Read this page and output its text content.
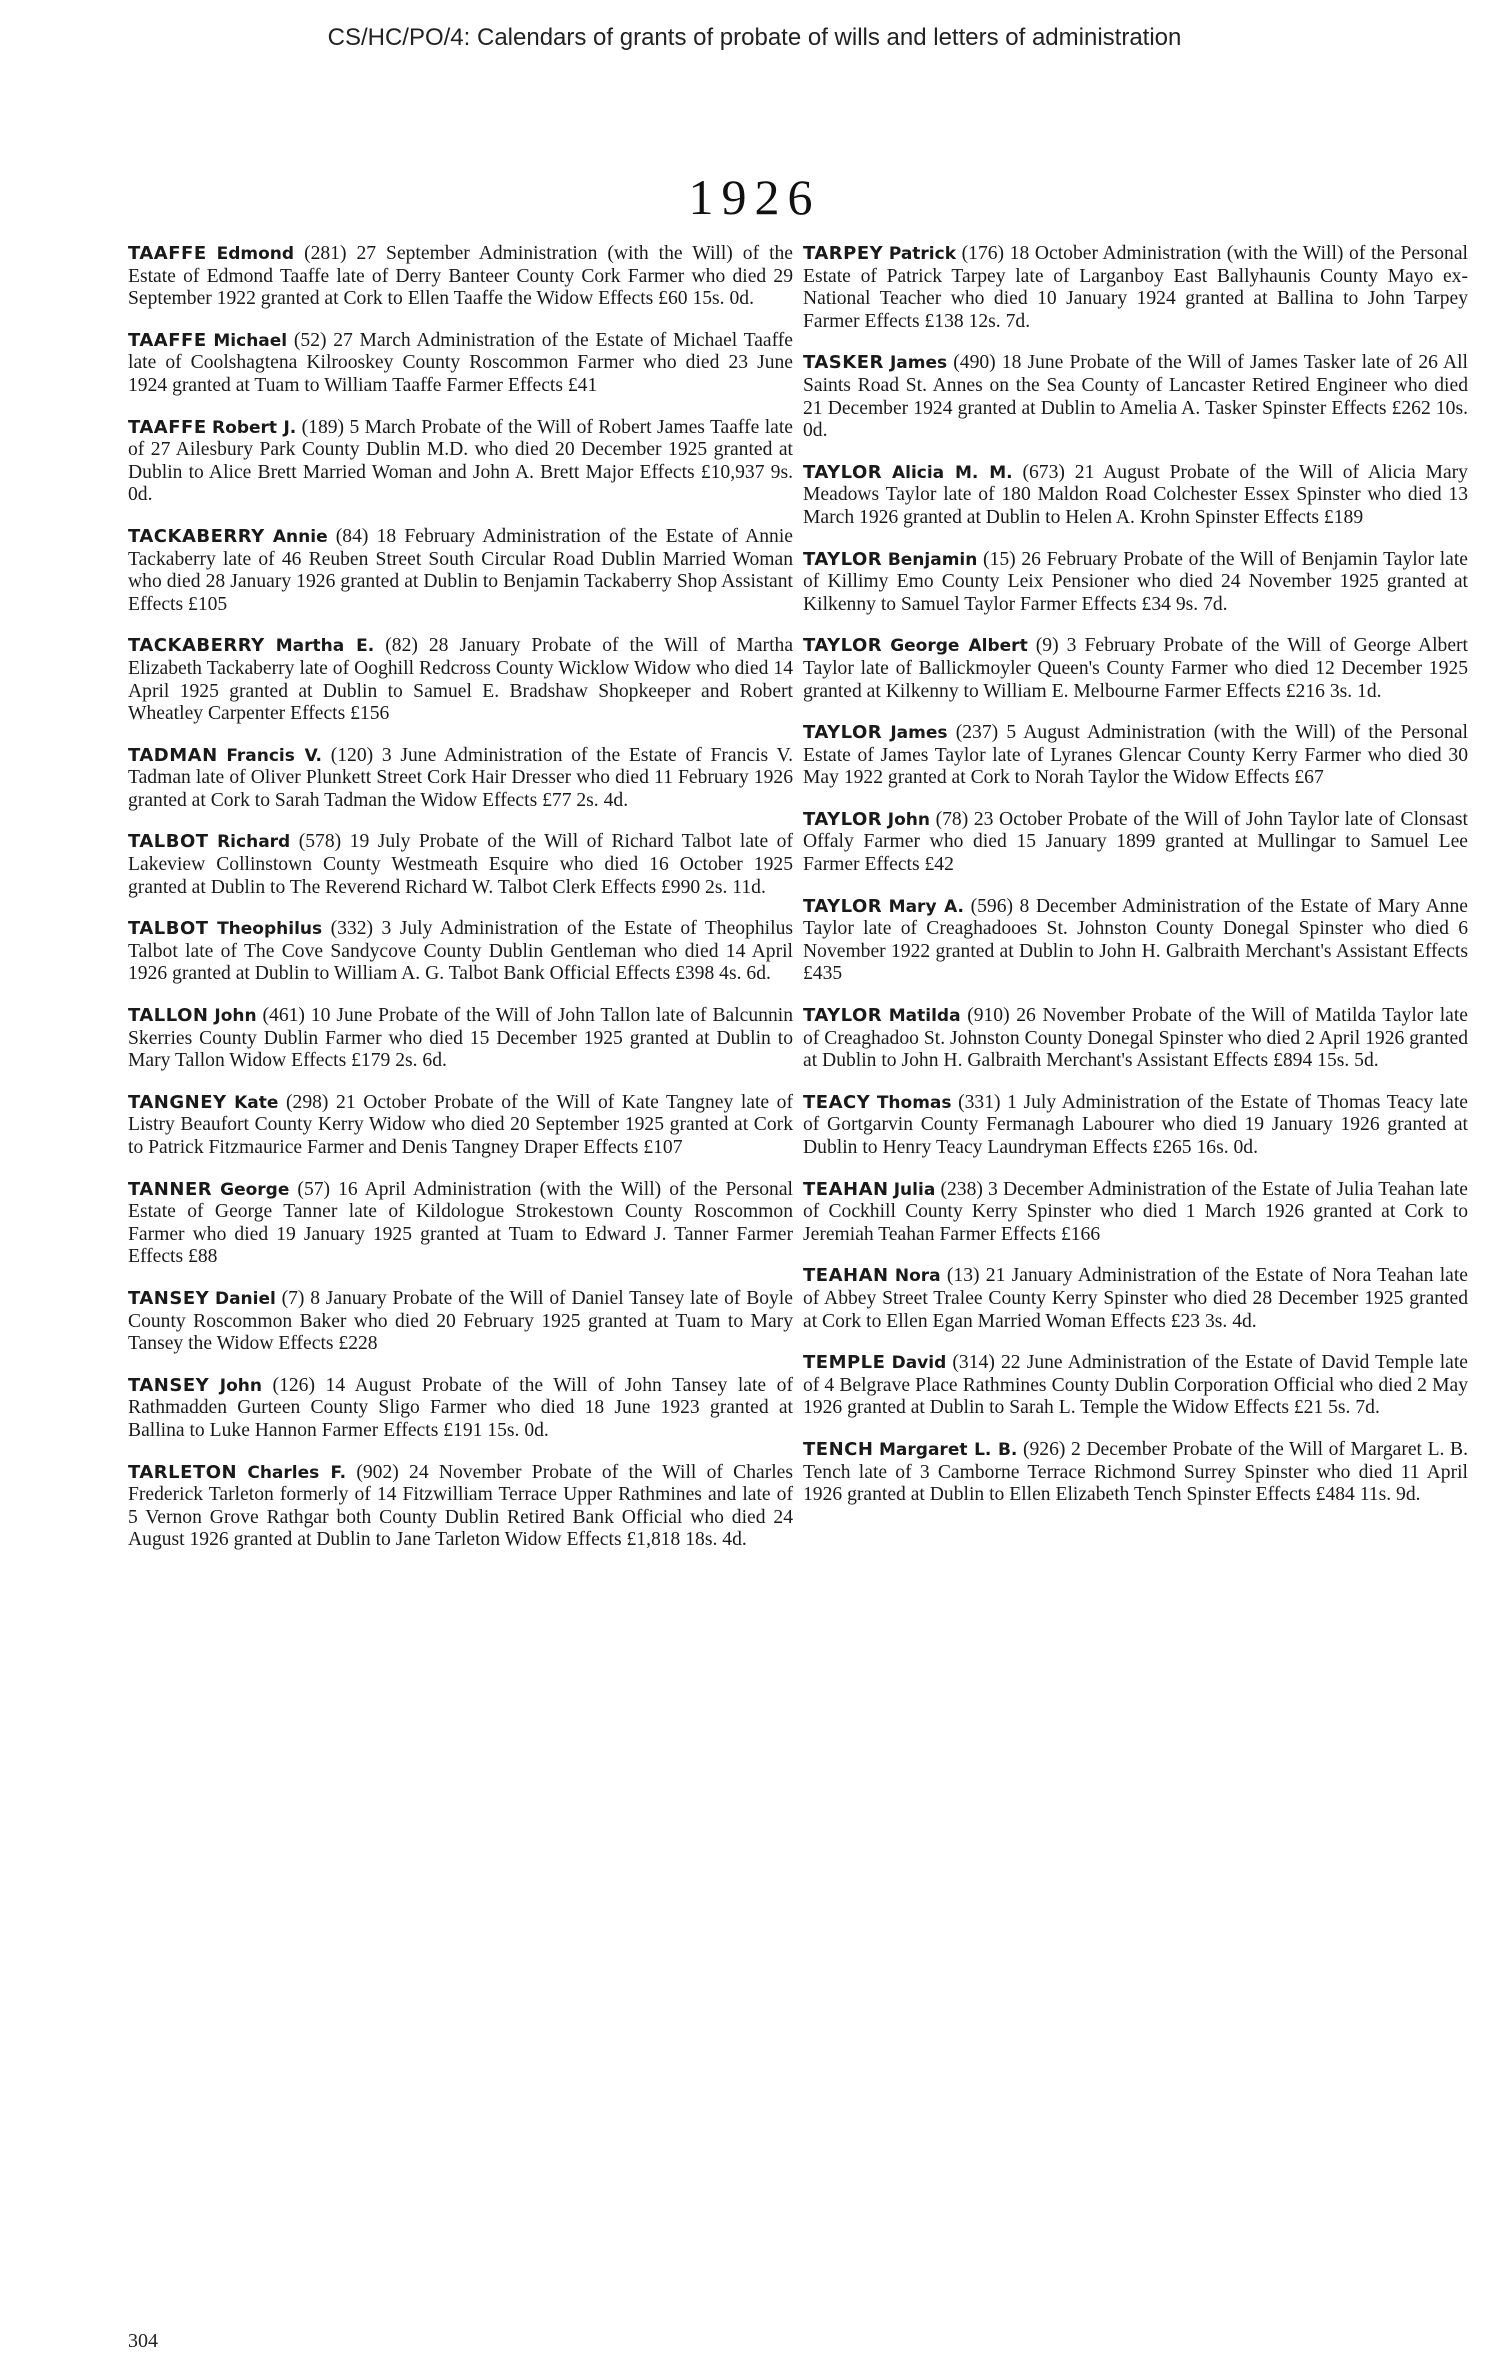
CS/HC/PO/4: Calendars of grants of probate of wills and letters of administration
1926

TAAFFE Edmond (281) 27 September Administration (with the Will) of the Estate of Edmond Taaffe late of Derry Banteer County Cork Farmer who died 29 September 1922 granted at Cork to Ellen Taaffe the Widow Effects £60 15s. 0d.

TAAFFE Michael (52) 27 March Administration of the Estate of Michael Taaffe late of Coolshagtena Kilrooskey County Roscommon Farmer who died 23 June 1924 granted at Tuam to William Taaffe Farmer Effects £41

TAAFFE Robert J. (189) 5 March Probate of the Will of Robert James Taaffe late of 27 Ailesbury Park County Dublin M.D. who died 20 December 1925 granted at Dublin to Alice Brett Married Woman and John A. Brett Major Effects £10,937 9s. 0d.

TACKABERRY Annie (84) 18 February Administration of the Estate of Annie Tackaberry late of 46 Reuben Street South Circular Road Dublin Married Woman who died 28 January 1926 granted at Dublin to Benjamin Tackaberry Shop Assistant Effects £105

TACKABERRY Martha E. (82) 28 January Probate of the Will of Martha Elizabeth Tackaberry late of Ooghill Redcross County Wicklow Widow who died 14 April 1925 granted at Dublin to Samuel E. Bradshaw Shopkeeper and Robert Wheatley Carpenter Effects £156

TADMAN Francis V. (120) 3 June Administration of the Estate of Francis V. Tadman late of Oliver Plunkett Street Cork Hair Dresser who died 11 February 1926 granted at Cork to Sarah Tadman the Widow Effects £77 2s. 4d.

TALBOT Richard (578) 19 July Probate of the Will of Richard Talbot late of Lakeview Collinstown County Westmeath Esquire who died 16 October 1925 granted at Dublin to The Reverend Richard W. Talbot Clerk Effects £990 2s. 11d.

TALBOT Theophilus (332) 3 July Administration of the Estate of Theophilus Talbot late of The Cove Sandycove County Dublin Gentleman who died 14 April 1926 granted at Dublin to William A. G. Talbot Bank Official Effects £398 4s. 6d.

TALLON John (461) 10 June Probate of the Will of John Tallon late of Balcunnin Skerries County Dublin Farmer who died 15 December 1925 granted at Dublin to Mary Tallon Widow Effects £179 2s. 6d.

TANGNEY Kate (298) 21 October Probate of the Will of Kate Tangney late of Listry Beaufort County Kerry Widow who died 20 September 1925 granted at Cork to Patrick Fitzmaurice Farmer and Denis Tangney Draper Effects £107

TANNER George (57) 16 April Administration (with the Will) of the Personal Estate of George Tanner late of Kildologue Strokestown County Roscommon Farmer who died 19 January 1925 granted at Tuam to Edward J. Tanner Farmer Effects £88

TANSEY Daniel (7) 8 January Probate of the Will of Daniel Tansey late of Boyle County Roscommon Baker who died 20 February 1925 granted at Tuam to Mary Tansey the Widow Effects £228

TANSEY John (126) 14 August Probate of the Will of John Tansey late of Rathmadden Gurteen County Sligo Farmer who died 18 June 1923 granted at Ballina to Luke Hannon Farmer Effects £191 15s. 0d.

TARLETON Charles F. (902) 24 November Probate of the Will of Charles Frederick Tarleton formerly of 14 Fitzwilliam Terrace Upper Rathmines and late of 5 Vernon Grove Rathgar both County Dublin Retired Bank Official who died 24 August 1926 granted at Dublin to Jane Tarleton Widow Effects £1,818 18s. 4d.

TARPEY Patrick (176) 18 October Administration (with the Will) of the Personal Estate of Patrick Tarpey late of Larganboy East Ballyhaunis County Mayo ex-National Teacher who died 10 January 1924 granted at Ballina to John Tarpey Farmer Effects £138 12s. 7d.

TASKER James (490) 18 June Probate of the Will of James Tasker late of 26 All Saints Road St. Annes on the Sea County of Lancaster Retired Engineer who died 21 December 1924 granted at Dublin to Amelia A. Tasker Spinster Effects £262 10s. 0d.

TAYLOR Alicia M. M. (673) 21 August Probate of the Will of Alicia Mary Meadows Taylor late of 180 Maldon Road Colchester Essex Spinster who died 13 March 1926 granted at Dublin to Helen A. Krohn Spinster Effects £189

TAYLOR Benjamin (15) 26 February Probate of the Will of Benjamin Taylor late of Killimy Emo County Leix Pensioner who died 24 November 1925 granted at Kilkenny to Samuel Taylor Farmer Effects £34 9s. 7d.

TAYLOR George Albert (9) 3 February Probate of the Will of George Albert Taylor late of Ballickmoyler Queen's County Farmer who died 12 December 1925 granted at Kilkenny to William E. Melbourne Farmer Effects £216 3s. 1d.

TAYLOR James (237) 5 August Administration (with the Will) of the Personal Estate of James Taylor late of Lyranes Glencar County Kerry Farmer who died 30 May 1922 granted at Cork to Norah Taylor the Widow Effects £67

TAYLOR John (78) 23 October Probate of the Will of John Taylor late of Clonsast Offaly Farmer who died 15 January 1899 granted at Mullingar to Samuel Lee Farmer Effects £42

TAYLOR Mary A. (596) 8 December Administration of the Estate of Mary Anne Taylor late of Creaghadooes St. Johnston County Donegal Spinster who died 6 November 1922 granted at Dublin to John H. Galbraith Merchant's Assistant Effects £435

TAYLOR Matilda (910) 26 November Probate of the Will of Matilda Taylor late of Creaghadoo St. Johnston County Donegal Spinster who died 2 April 1926 granted at Dublin to John H. Galbraith Merchant's Assistant Effects £894 15s. 5d.

TEACY Thomas (331) 1 July Administration of the Estate of Thomas Teacy late of Gortgarvin County Fermanagh Labourer who died 19 January 1926 granted at Dublin to Henry Teacy Laundryman Effects £265 16s. 0d.

TEAHAN Julia (238) 3 December Administration of the Estate of Julia Teahan late of Cockhill County Kerry Spinster who died 1 March 1926 granted at Cork to Jeremiah Teahan Farmer Effects £166

TEAHAN Nora (13) 21 January Administration of the Estate of Nora Teahan late of Abbey Street Tralee County Kerry Spinster who died 28 December 1925 granted at Cork to Ellen Egan Married Woman Effects £23 3s. 4d.

TEMPLE David (314) 22 June Administration of the Estate of David Temple late of 4 Belgrave Place Rathmines County Dublin Corporation Official who died 2 May 1926 granted at Dublin to Sarah L. Temple the Widow Effects £21 5s. 7d.

TENCH Margaret L. B. (926) 2 December Probate of the Will of Margaret L. B. Tench late of 3 Camborne Terrace Richmond Surrey Spinster who died 11 April 1926 granted at Dublin to Ellen Elizabeth Tench Spinster Effects £484 11s. 9d.

304
